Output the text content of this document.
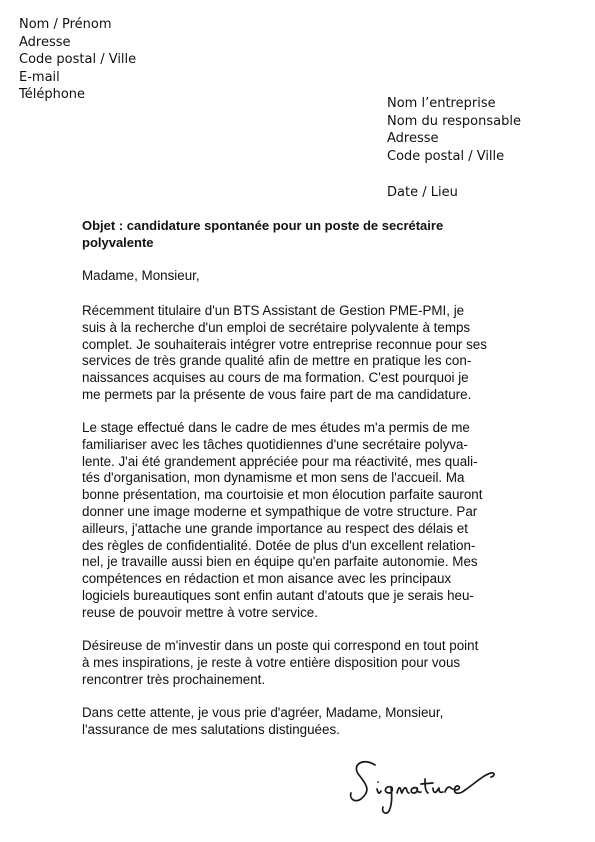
Nom / Prénom
Adresse
Code postal / Ville
E-mail
Téléphone
Nom l’entreprise
Nom du responsable
Adresse
Code postal / Ville
Date / Lieu
Objet : candidature spontanée pour un poste de secrétaire
polyvalente
Madame, Monsieur,
Récemment titulaire d'un BTS Assistant de Gestion PME-PMI, je
suis à la recherche d'un emploi de secrétaire polyvalente à temps
complet. Je souhaiterais intégrer votre entreprise reconnue pour ses
services de très grande qualité afin de mettre en pratique les con-
naissances acquises au cours de ma formation. C'est pourquoi je
me permets par la présente de vous faire part de ma candidature.
Le stage effectué dans le cadre de mes études m'a permis de me
familiariser avec les tâches quotidiennes d'une secrétaire polyva-
lente. J'ai été grandement appréciée pour ma réactivité, mes quali-
tés d'organisation, mon dynamisme et mon sens de l'accueil. Ma
bonne présentation, ma courtoisie et mon élocution parfaite sauront
donner une image moderne et sympathique de votre structure. Par
ailleurs, j'attache une grande importance au respect des délais et
des règles de confidentialité. Dotée de plus d'un excellent relation-
nel, je travaille aussi bien en équipe qu'en parfaite autonomie. Mes
compétences en rédaction et mon aisance avec les principaux
logiciels bureautiques sont enfin autant d'atouts que je serais heu-
reuse de pouvoir mettre à votre service.
Désireuse de m'investir dans un poste qui correspond en tout point
à mes inspirations, je reste à votre entière disposition pour vous
rencontrer très prochainement.
Dans cette attente, je vous prie d'agréer, Madame, Monsieur,
l'assurance de mes salutations distinguées.
